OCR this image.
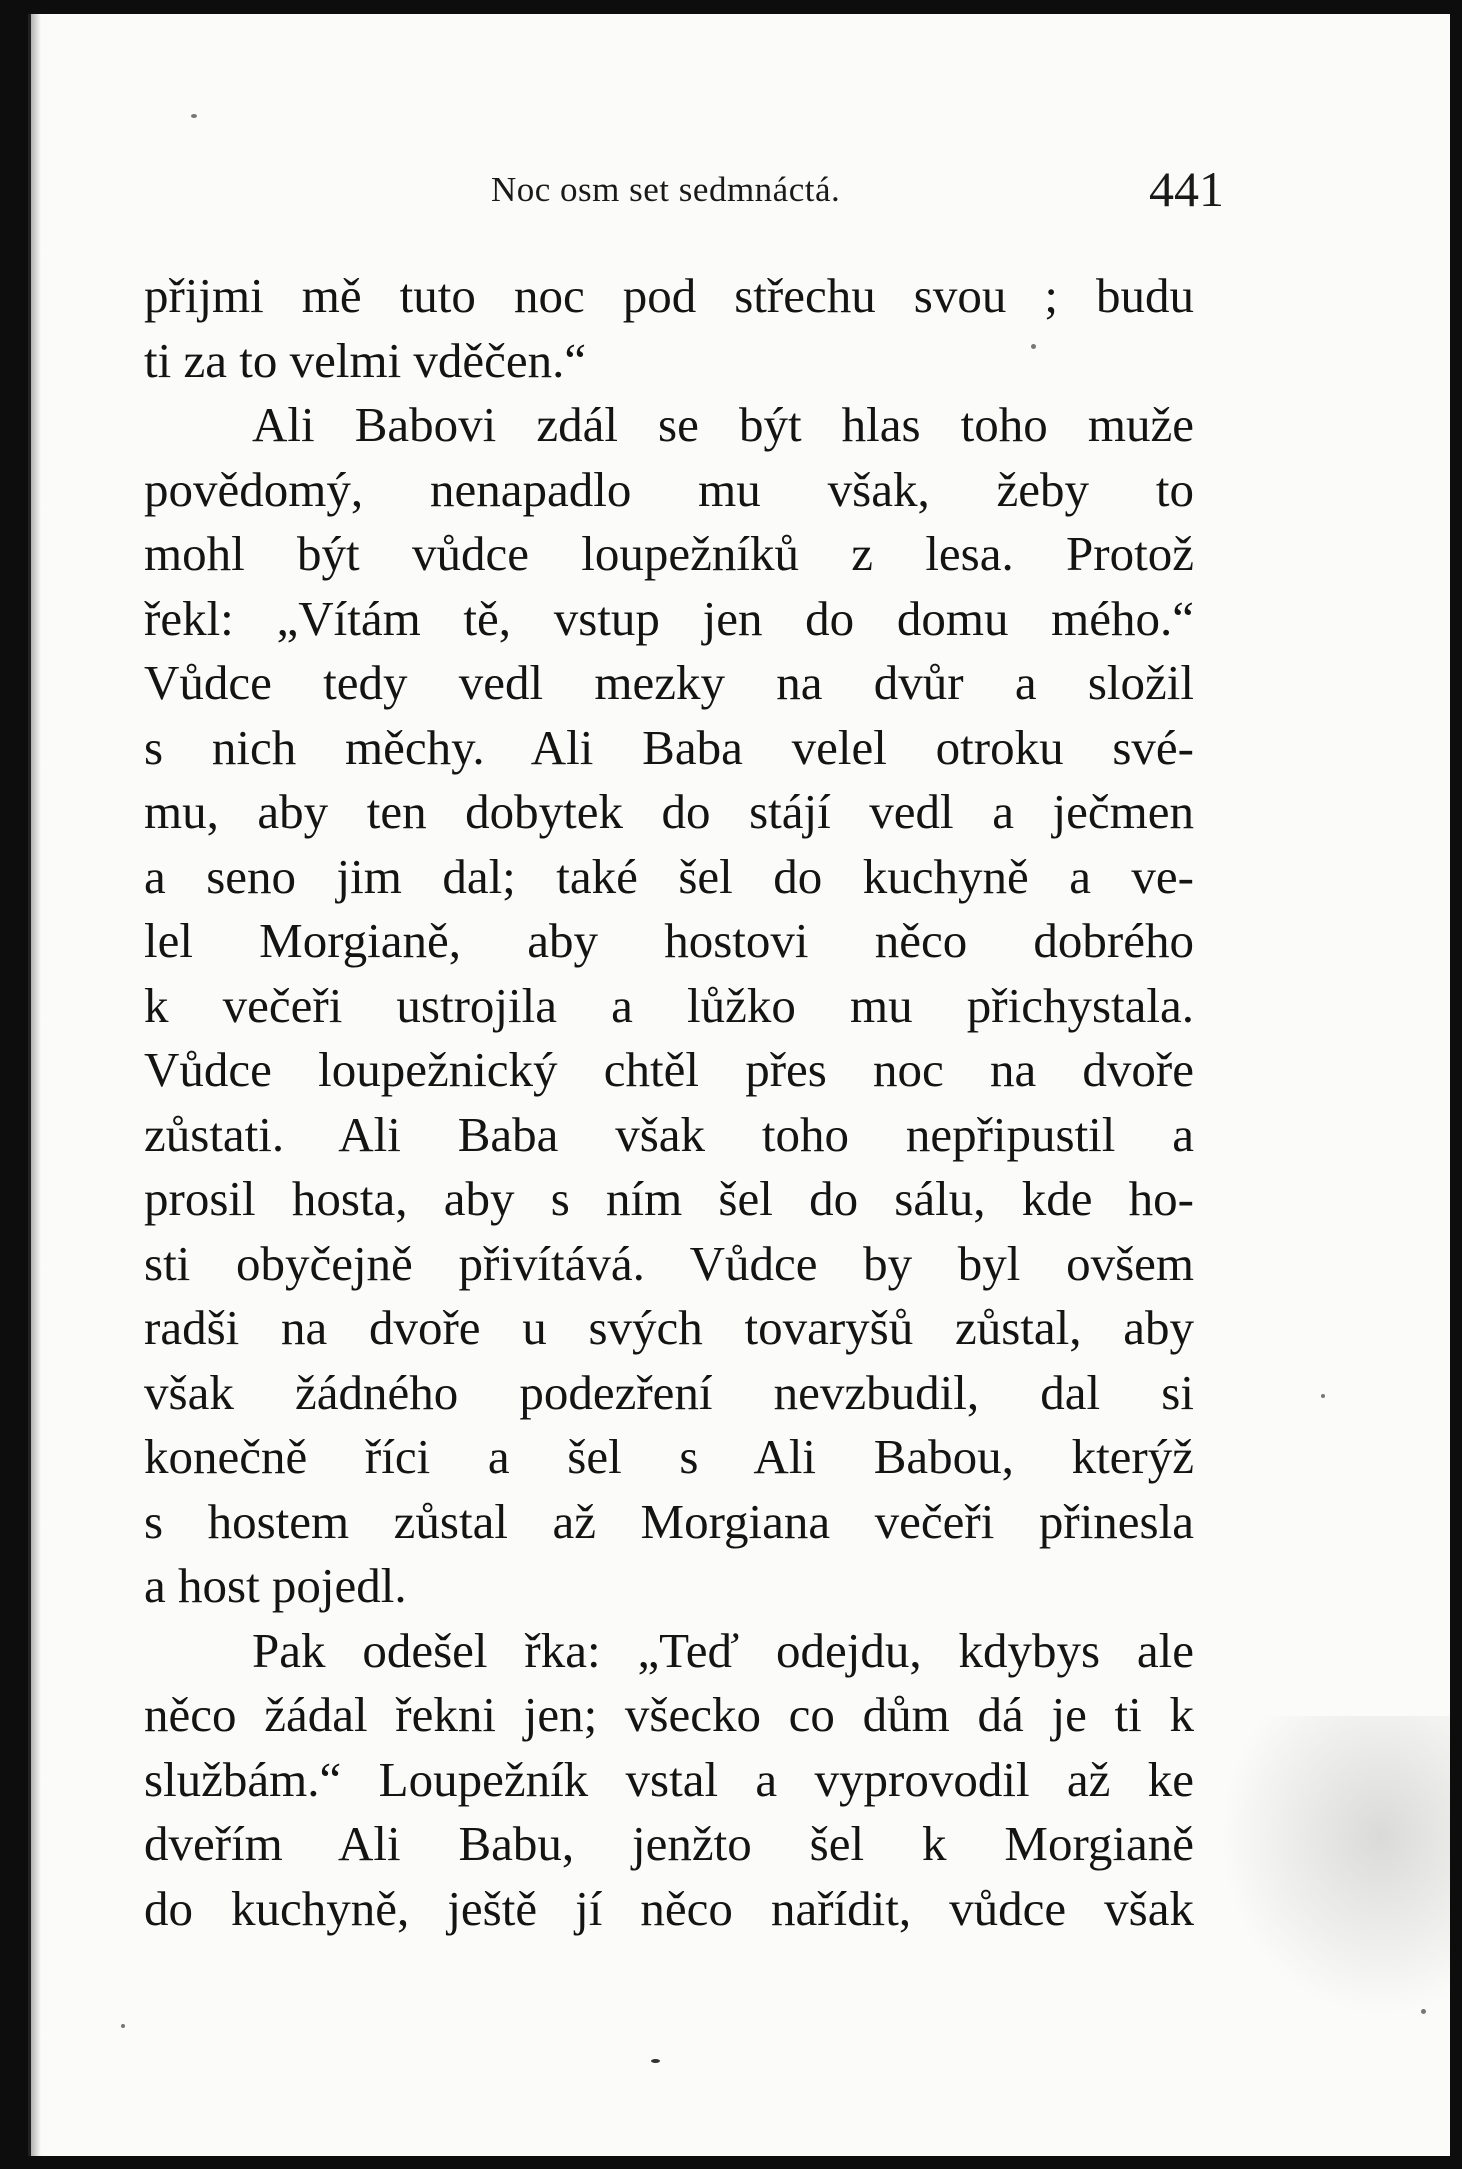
Noc osm set sedmnáctá.	441
přijmi mě tuto noc pod střechu svou ; budu
ti za to velmi vděčen.“
Ali Babovi zdál se být hlas toho muže
povědomý, nenapadlo mu však, žeby to
mohl být vůdce loupežníků z lesa. Protož
řekl: „Vítám tě, vstup jen do domu mého.“
Vůdce tedy vedl mezky na dvůr a složil
s nich měchy. Ali Baba velel otroku své-
mu, aby ten dobytek do stájí vedl a ječmen
a seno jim dal; také šel do kuchyně a ve-
lel Morgianě, aby hostovi něco dobrého
k večeři ustrojila a lůžko mu přichystala.
Vůdce loupežnický chtěl přes noc na dvoře
zůstati. Ali Baba však toho nepřipustil a
prosil hosta, aby s ním šel do sálu, kde ho-
sti obyčejně přivítává. Vůdce by byl ovšem
radši na dvoře u svých tovaryšů zůstal, aby
však žádného podezření nevzbudil, dal si
konečně říci a šel s Ali Babou, kterýž
s hostem zůstal až Morgiana večeři přinesla
a host pojedl.
Pak odešel řka: „Teď odejdu, kdybys ale
něco žádal řekni jen; všecko co dům dá je ti k
službám.“ Loupežník vstal a vyprovodil až ke
dveřím Ali Babu, jenžto šel k Morgianě
do kuchyně, ještě jí něco nařídit, vůdce však
